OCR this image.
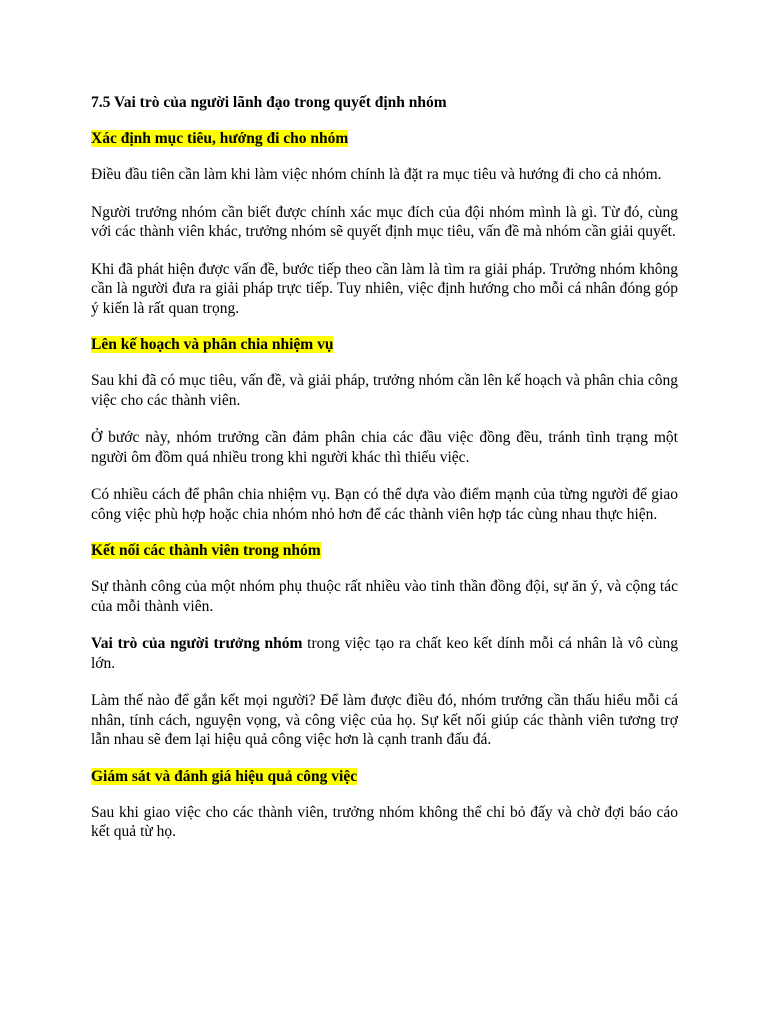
7.5 Vai trò của người lãnh đạo trong quyết định nhóm
Xác định mục tiêu, hướng đi cho nhóm

Điều đầu tiên cần làm khi làm việc nhóm chính là đặt ra mục tiêu và hướng đi cho cả nhóm.

Người trưởng nhóm cần biết được chính xác mục đích của đội nhóm mình là gì. Từ đó, cùng với các thành viên khác, trưởng nhóm sẽ quyết định mục tiêu, vấn đề mà nhóm cần giải quyết.

Khi đã phát hiện được vấn đề, bước tiếp theo cần làm là tìm ra giải pháp. Trưởng nhóm không cần là người đưa ra giải pháp trực tiếp. Tuy nhiên, việc định hướng cho mỗi cá nhân đóng góp ý kiến là rất quan trọng.

Lên kế hoạch và phân chia nhiệm vụ

Sau khi đã có mục tiêu, vấn đề, và giải pháp, trưởng nhóm cần lên kế hoạch và phân chia công việc cho các thành viên.

Ở bước này, nhóm trưởng cần đảm phân chia các đầu việc đồng đều, tránh tình trạng một người ôm đồm quá nhiều trong khi người khác thì thiếu việc.

Có nhiều cách để phân chia nhiệm vụ. Bạn có thể dựa vào điểm mạnh của từng người để giao công việc phù hợp hoặc chia nhóm nhỏ hơn để các thành viên hợp tác cùng nhau thực hiện.

Kết nối các thành viên trong nhóm

Sự thành công của một nhóm phụ thuộc rất nhiều vào tinh thần đồng đội, sự ăn ý, và cộng tác của mỗi thành viên.

Vai trò của người trưởng nhóm trong việc tạo ra chất keo kết dính mỗi cá nhân là vô cùng lớn.

Làm thế nào để gắn kết mọi người? Để làm được điều đó, nhóm trưởng cần thấu hiểu mỗi cá nhân, tính cách, nguyện vọng, và công việc của họ. Sự kết nối giúp các thành viên tương trợ lẫn nhau sẽ đem lại hiệu quả công việc hơn là cạnh tranh đấu đá.

Giám sát và đánh giá hiệu quả công việc

Sau khi giao việc cho các thành viên, trưởng nhóm không thể chỉ bỏ đấy và chờ đợi báo cáo kết quả từ họ.
